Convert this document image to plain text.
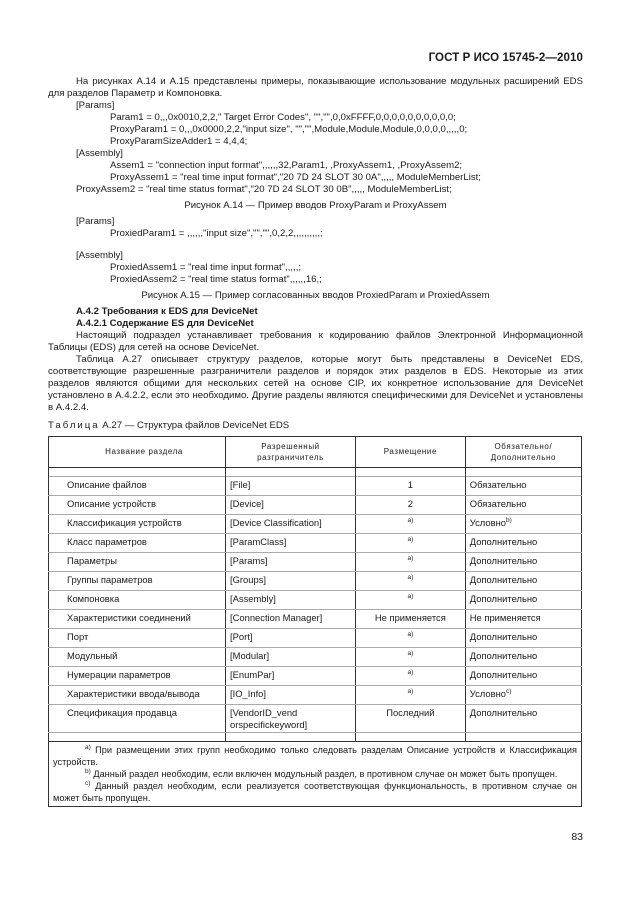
ГОСТ Р ИСО 15745-2—2010

На рисунках A.14 и A.15 представлены примеры, показывающие использование модульных расширений EDS для разделов Параметр и Компоновка.

[Params]
Param1 = 0,,,0x0010,2,2," Target Error Codes", "","",0,0xFFFF,0,0,0,0,0,0,0,0,0,0;
ProxyParam1 = 0,,,0x0000,2,2,"input size", "","",Module,Module,Module,0,0,0,0,,,,,0;
ProxyParamSizeAdder1 = 4,4,4;
[Assembly]
Assem1 = "connection input format",,,,,,32,Param1, ,ProxyAssem1, ,ProxyAssem2;
ProxyAssem1 = "real time input format","20 7D 24 SLOT 30 0A",,,,, ModuleMemberList;
ProxyAssem2 = "real time status format","20 7D 24 SLOT 30 0B",,,,, ModuleMemberList;

Рисунок A.14 — Пример вводов ProxyParam и ProxyAssem

[Params]
ProxiedParam1 = ,,,,,,"input size","","",0,2,2,,,,,,,,,,;
[Assembly]
ProxiedAssem1 = "real time input format",,,,,;
ProxiedAssem2 = "real time status format",,,,,,16,;

Рисунок A.15 — Пример согласованных вводов ProxiedParam и ProxiedAssem

A.4.2 Требования к EDS для DeviceNet

A.4.2.1 Содержание ES для DeviceNet

Настоящий подраздел устанавливает требования к кодированию файлов Электронной Информационной Таблицы (EDS) для сетей на основе DeviceNet.

Таблица A.27 описывает структуру разделов, которые могут быть представлены в DeviceNet EDS, соответствующие разрешенные разграничители разделов и порядок этих разделов в EDS. Некоторые из этих разделов являются общими для нескольких сетей на основе CIP, их конкретное использование для DeviceNet установлено в A.4.2.2, если это необходимо. Другие разделы являются специфическими для DeviceNet и установлены в A.4.2.4.

Таблица A.27 — Структура файлов DeviceNet EDS

Название раздела	Разрешенный разграничитель	Размещение	Обязательно/ Дополнительно

Описание файлов	[File]	1	Обязательно
Описание устройств	[Device]	2	Обязательно
Классификация устройств	[Device Classification]	$^{a)}$	Условно$^{b)}$
Класс параметров	[ParamClass]	$^{a)}$	Дополнительно
Параметры	[Params]	$^{a)}$	Дополнительно
Группы параметров	[Groups]	$^{a)}$	Дополнительно
Компоновка	[Assembly]	$^{a)}$	Дополнительно
Характеристики соединений	[Connection Manager]	Не применяется	Не применяется
Порт	[Port]	$^{a)}$	Дополнительно
Модульный	[Modular]	$^{a)}$	Дополнительно
Нумерации параметров	[EnumPar]	$^{a)}$	Дополнительно
Характеристики ввода/вывода	[IO_Info]	$^{a)}$	Условно$^{c)}$
Спецификация продавца	[VendorID_vend orspecifickeyword]	Последний	Дополнительно

$^{a)}$ При размещении этих групп необходимо только следовать разделам Описание устройств и Классификация устройств.

$^{b)}$ Данный раздел необходим, если включен модульный раздел, в противном случае он может быть пропущен.

$^{c)}$ Данный раздел необходим, если реализуется соответствующая функциональность, в противном случае он может быть пропущен.			

83
